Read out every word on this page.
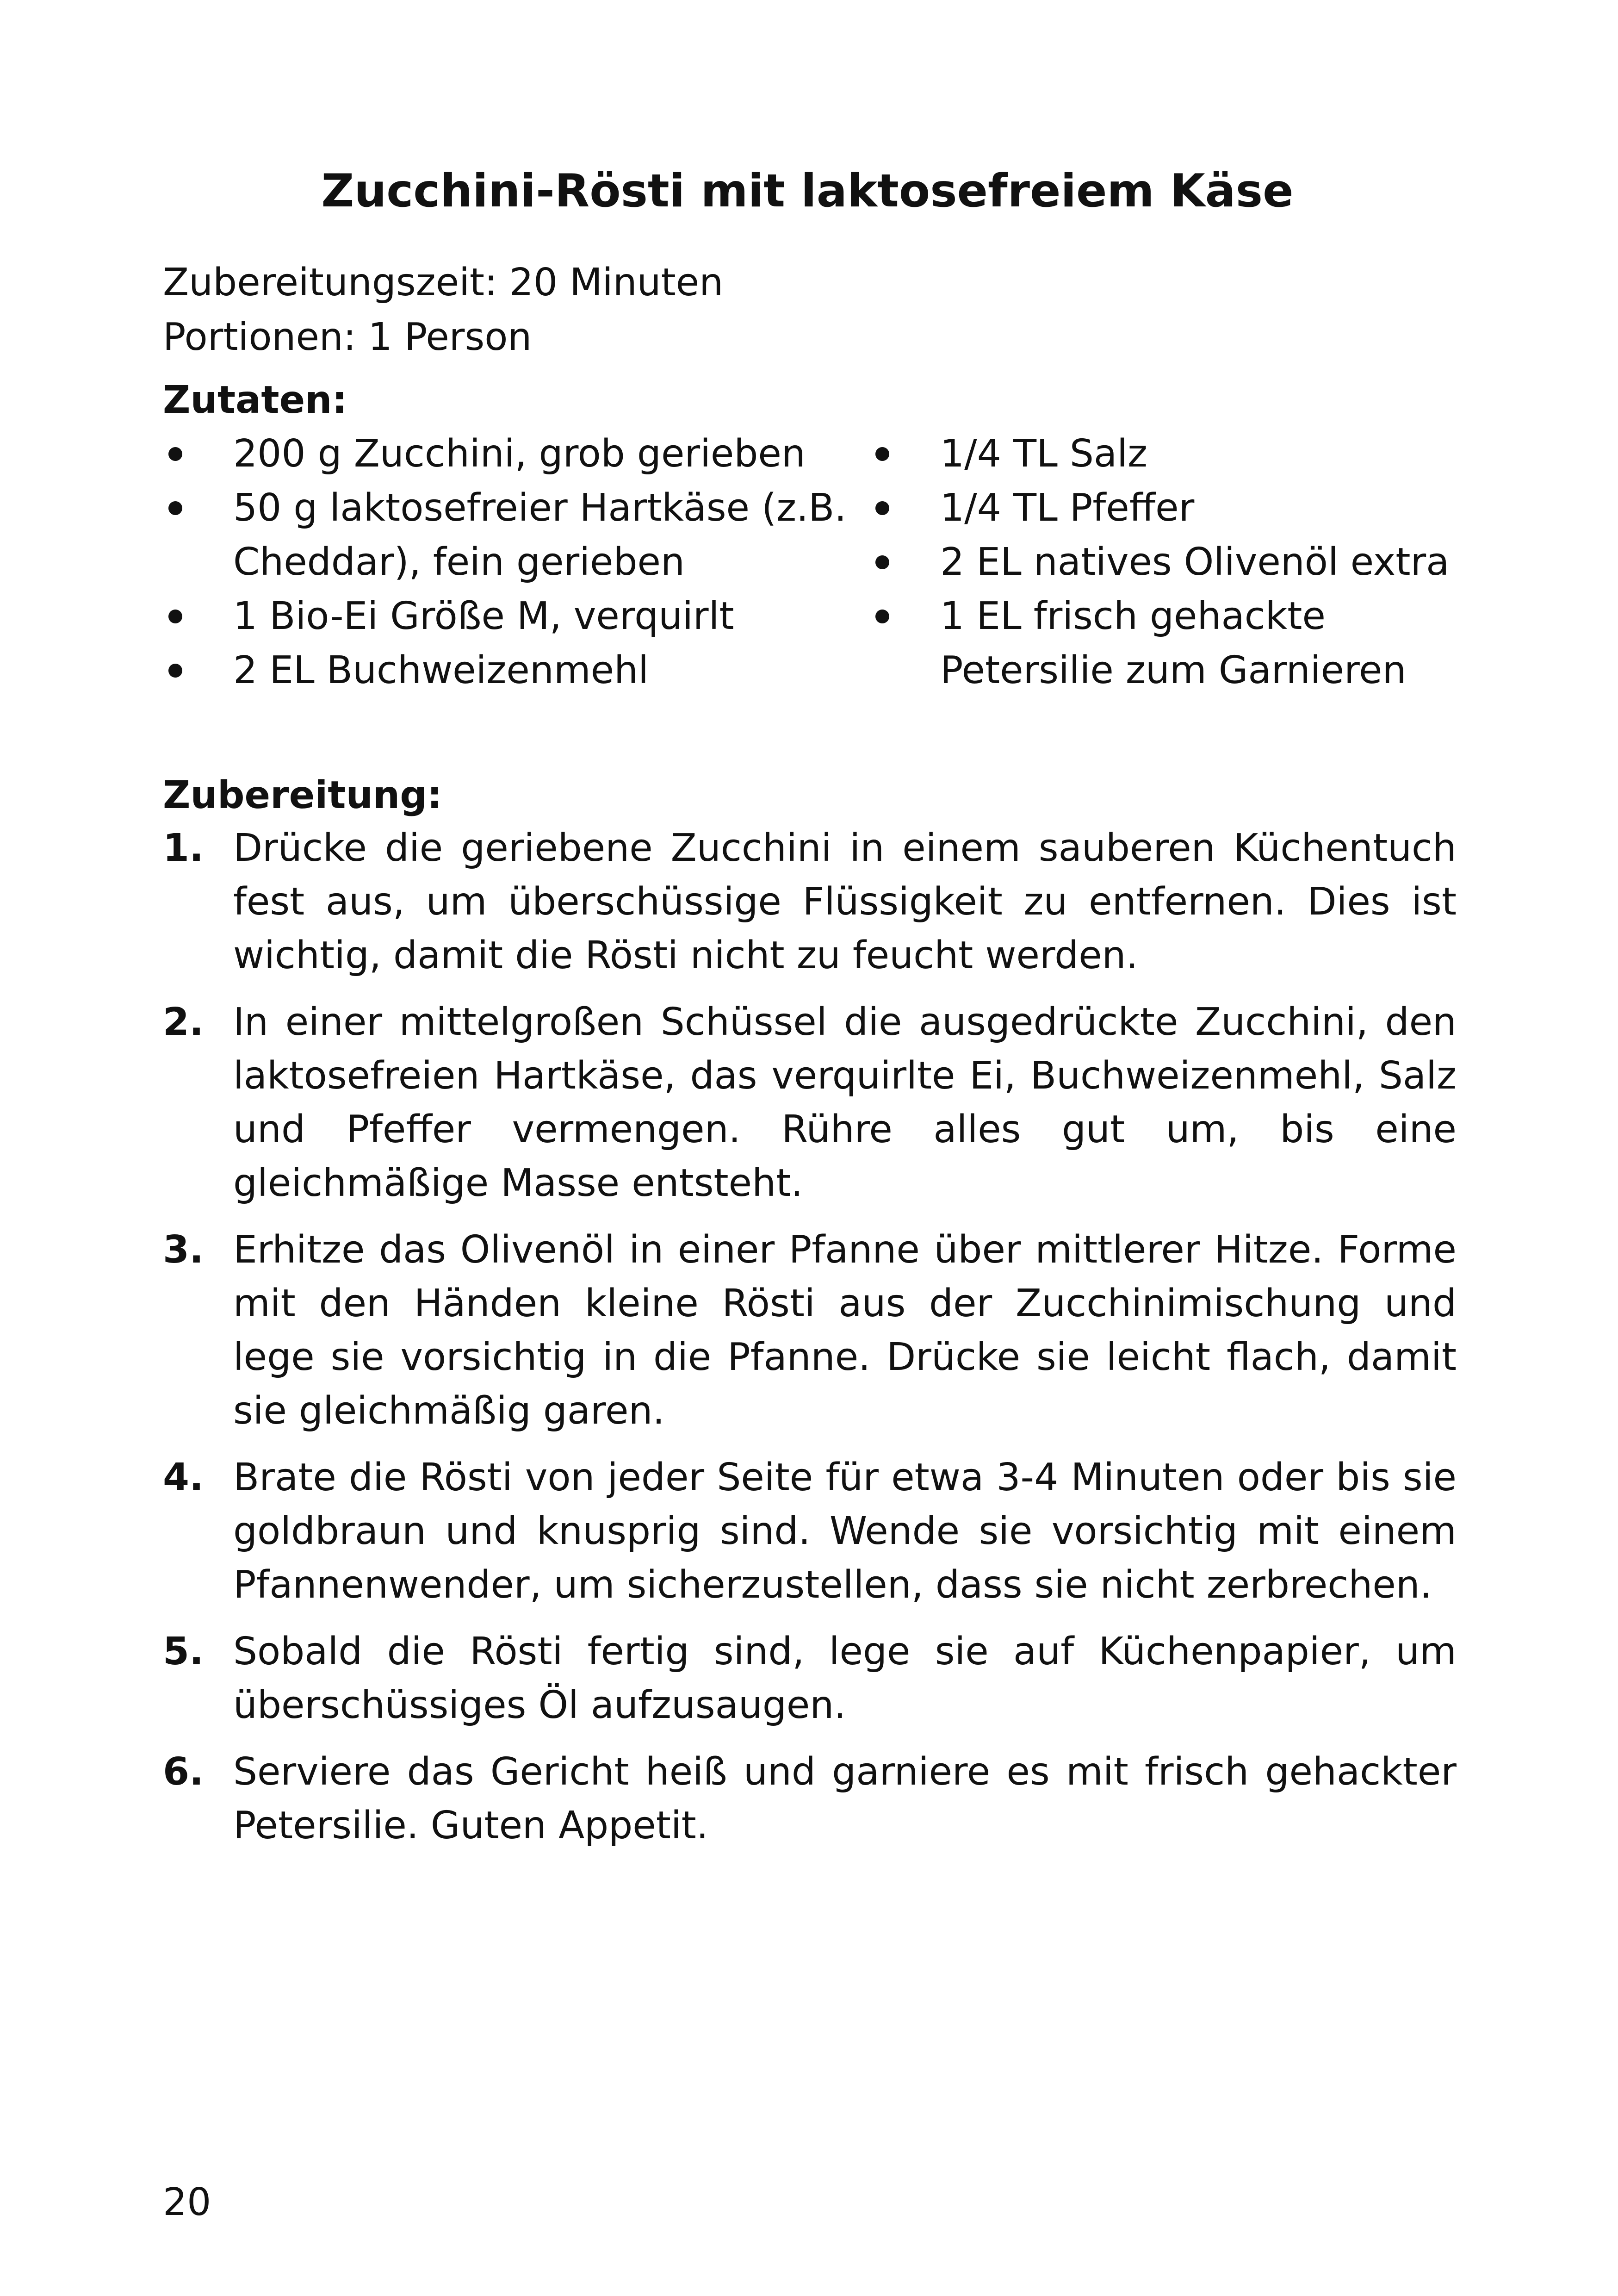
Zucchini-Rösti mit laktosefreiem Käse
Zubereitungszeit: 20 Minuten
Portionen: 1 Person
Zutaten:
200 g Zucchini, grob gerieben
50 g laktosefreier Hartkäse (z.B. Cheddar), fein gerieben
1 Bio-Ei Größe M, verquirlt
2 EL Buchweizenmehl
1/4 TL Salz
1/4 TL Pfeffer
2 EL natives Olivenöl extra
1 EL frisch gehackte Petersilie zum Garnieren
Zubereitung:
1. Drücke die geriebene Zucchini in einem sauberen Küchentuch fest aus, um überschüssige Flüssigkeit zu entfernen. Dies ist wichtig, damit die Rösti nicht zu feucht werden.
2. In einer mittelgroßen Schüssel die ausgedrückte Zucchini, den laktosefreien Hartkäse, das verquirlte Ei, Buchweizenmehl, Salz und Pfeffer vermengen. Rühre alles gut um, bis eine gleichmäßige Masse entsteht.
3. Erhitze das Olivenöl in einer Pfanne über mittlerer Hitze. Forme mit den Händen kleine Rösti aus der Zucchinimischung und lege sie vorsichtig in die Pfanne. Drücke sie leicht flach, damit sie gleichmäßig garen.
4. Brate die Rösti von jeder Seite für etwa 3-4 Minuten oder bis sie goldbraun und knusprig sind. Wende sie vorsichtig mit einem Pfannenwender, um sicherzustellen, dass sie nicht zerbrechen.
5. Sobald die Rösti fertig sind, lege sie auf Küchenpapier, um überschüssiges Öl aufzusaugen.
6. Serviere das Gericht heiß und garniere es mit frisch gehackter Petersilie. Guten Appetit.
20
